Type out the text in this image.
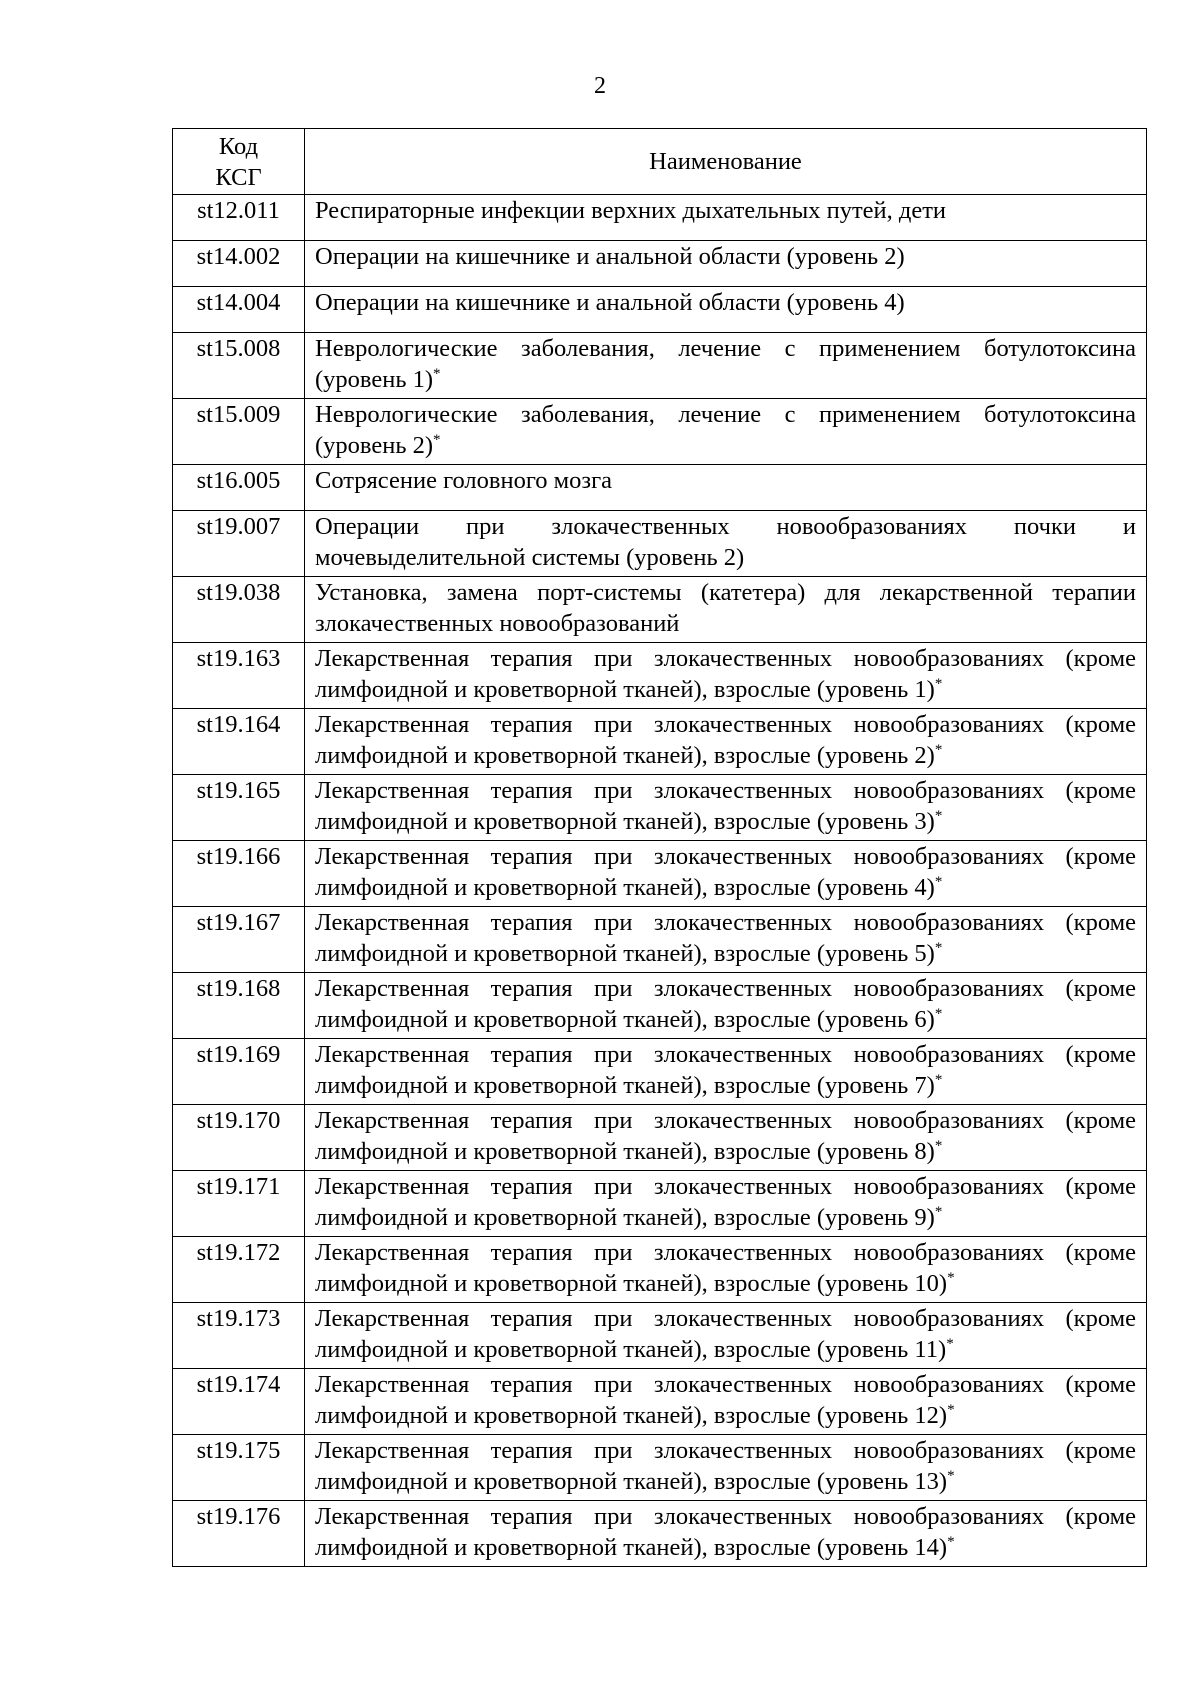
2
Код
КСГ	Наименование
st12.011	Респираторные инфекции верхних дыхательных путей, дети
st14.002	Операции на кишечнике и анальной области (уровень 2)
st14.004	Операции на кишечнике и анальной области (уровень 4)
st15.008	Неврологические заболевания, лечение с применением ботулотоксина (уровень 1)*
st15.009	Неврологические заболевания, лечение с применением ботулотоксина (уровень 2)*
st16.005	Сотрясение головного мозга
st19.007	Операции при злокачественных новообразованиях почки и мочевыделительной системы (уровень 2)
st19.038	Установка, замена порт-системы (катетера) для лекарственной терапии злокачественных новообразований
st19.163	Лекарственная терапия при злокачественных новообразованиях (кроме лимфоидной и кроветворной тканей), взрослые (уровень 1)*
st19.164	Лекарственная терапия при злокачественных новообразованиях (кроме лимфоидной и кроветворной тканей), взрослые (уровень 2)*
st19.165	Лекарственная терапия при злокачественных новообразованиях (кроме лимфоидной и кроветворной тканей), взрослые (уровень 3)*
st19.166	Лекарственная терапия при злокачественных новообразованиях (кроме лимфоидной и кроветворной тканей), взрослые (уровень 4)*
st19.167	Лекарственная терапия при злокачественных новообразованиях (кроме лимфоидной и кроветворной тканей), взрослые (уровень 5)*
st19.168	Лекарственная терапия при злокачественных новообразованиях (кроме лимфоидной и кроветворной тканей), взрослые (уровень 6)*
st19.169	Лекарственная терапия при злокачественных новообразованиях (кроме лимфоидной и кроветворной тканей), взрослые (уровень 7)*
st19.170	Лекарственная терапия при злокачественных новообразованиях (кроме лимфоидной и кроветворной тканей), взрослые (уровень 8)*
st19.171	Лекарственная терапия при злокачественных новообразованиях (кроме лимфоидной и кроветворной тканей), взрослые (уровень 9)*
st19.172	Лекарственная терапия при злокачественных новообразованиях (кроме лимфоидной и кроветворной тканей), взрослые (уровень 10)*
st19.173	Лекарственная терапия при злокачественных новообразованиях (кроме лимфоидной и кроветворной тканей), взрослые (уровень 11)*
st19.174	Лекарственная терапия при злокачественных новообразованиях (кроме лимфоидной и кроветворной тканей), взрослые (уровень 12)*
st19.175	Лекарственная терапия при злокачественных новообразованиях (кроме лимфоидной и кроветворной тканей), взрослые (уровень 13)*
st19.176	Лекарственная терапия при злокачественных новообразованиях (кроме лимфоидной и кроветворной тканей), взрослые (уровень 14)*
